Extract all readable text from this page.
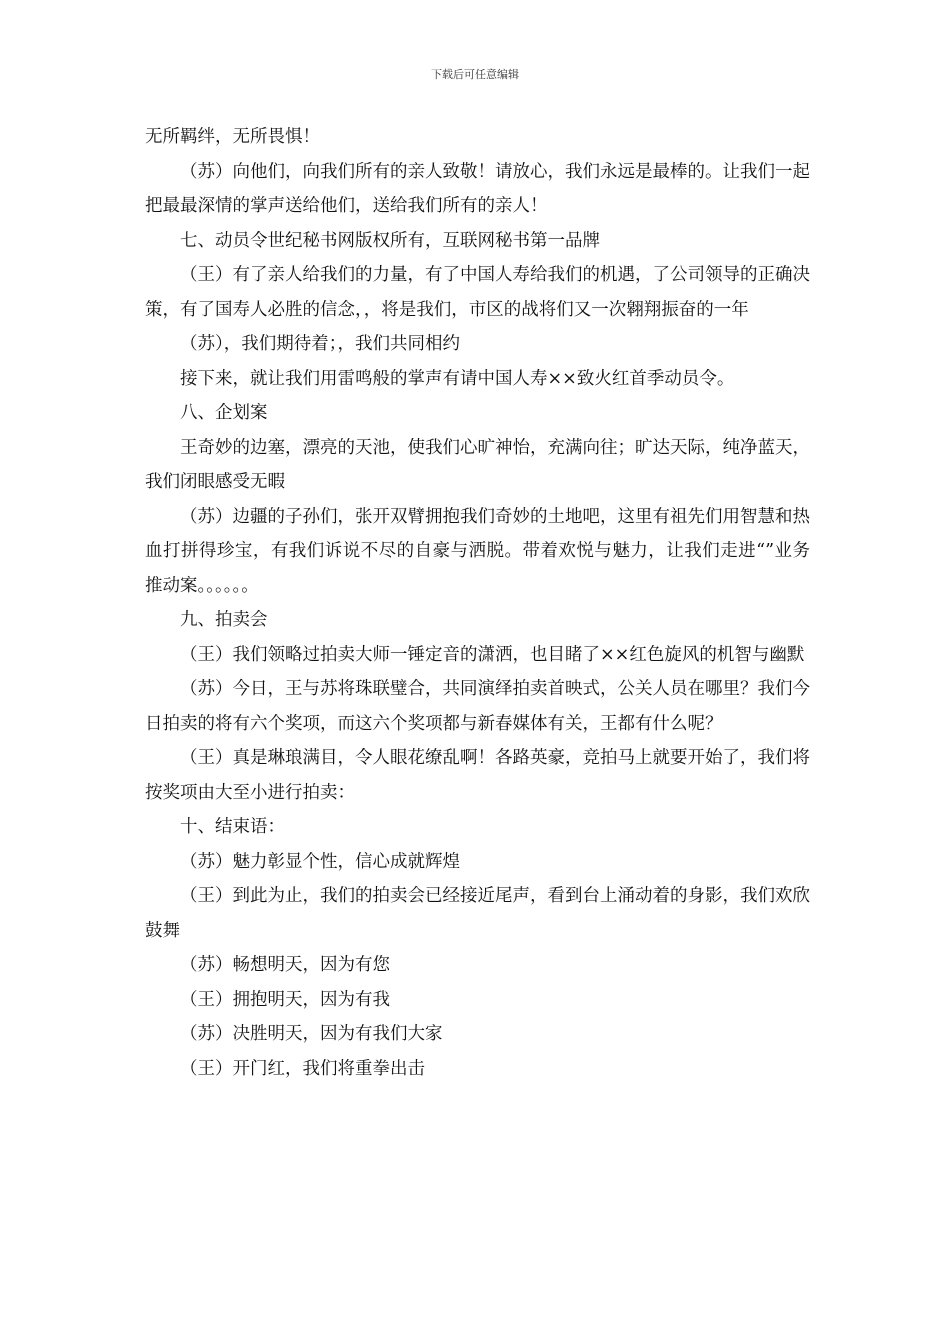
下载后可任意编辑

无所羁绊，无所畏惧！

（苏）向他们，向我们所有的亲人致敬！请放心，我们永远是最棒的。让我们一起把最最深情的掌声送给他们，送给我们所有的亲人！

七、动员令世纪秘书网版权所有，互联网秘书第一品牌

（王）有了亲人给我们的力量，有了中国人寿给我们的机遇，了公司领导的正确决策，有了国寿人必胜的信念，，将是我们，市区的战将们又一次翱翔振奋的一年

（苏），我们期待着；，我们共同相约

接下来，就让我们用雷鸣般的掌声有请中国人寿××致火红首季动员令。

八、企划案

王奇妙的边塞，漂亮的天池，使我们心旷神怡，充满向往；旷达天际，纯净蓝天，我们闭眼感受无暇

（苏）边疆的子孙们，张开双臂拥抱我们奇妙的土地吧，这里有祖先们用智慧和热血打拼得珍宝，有我们诉说不尽的自豪与洒脱。带着欢悦与魅力，让我们走进“”业务推动案。。。。。。

九、拍卖会

（王）我们领略过拍卖大师一锤定音的潇洒，也目睹了××红色旋风的机智与幽默

（苏）今日，王与苏将珠联璧合，共同演绎拍卖首映式，公关人员在哪里？我们今日拍卖的将有六个奖项，而这六个奖项都与新春媒体有关，王都有什么呢？

（王）真是琳琅满目，令人眼花缭乱啊！各路英豪，竞拍马上就要开始了，我们将按奖项由大至小进行拍卖：

十、结束语：

（苏）魅力彰显个性，信心成就辉煌

（王）到此为止，我们的拍卖会已经接近尾声，看到台上涌动着的身影，我们欢欣鼓舞

（苏）畅想明天，因为有您

（王）拥抱明天，因为有我

（苏）决胜明天，因为有我们大家

（王）开门红，我们将重拳出击
